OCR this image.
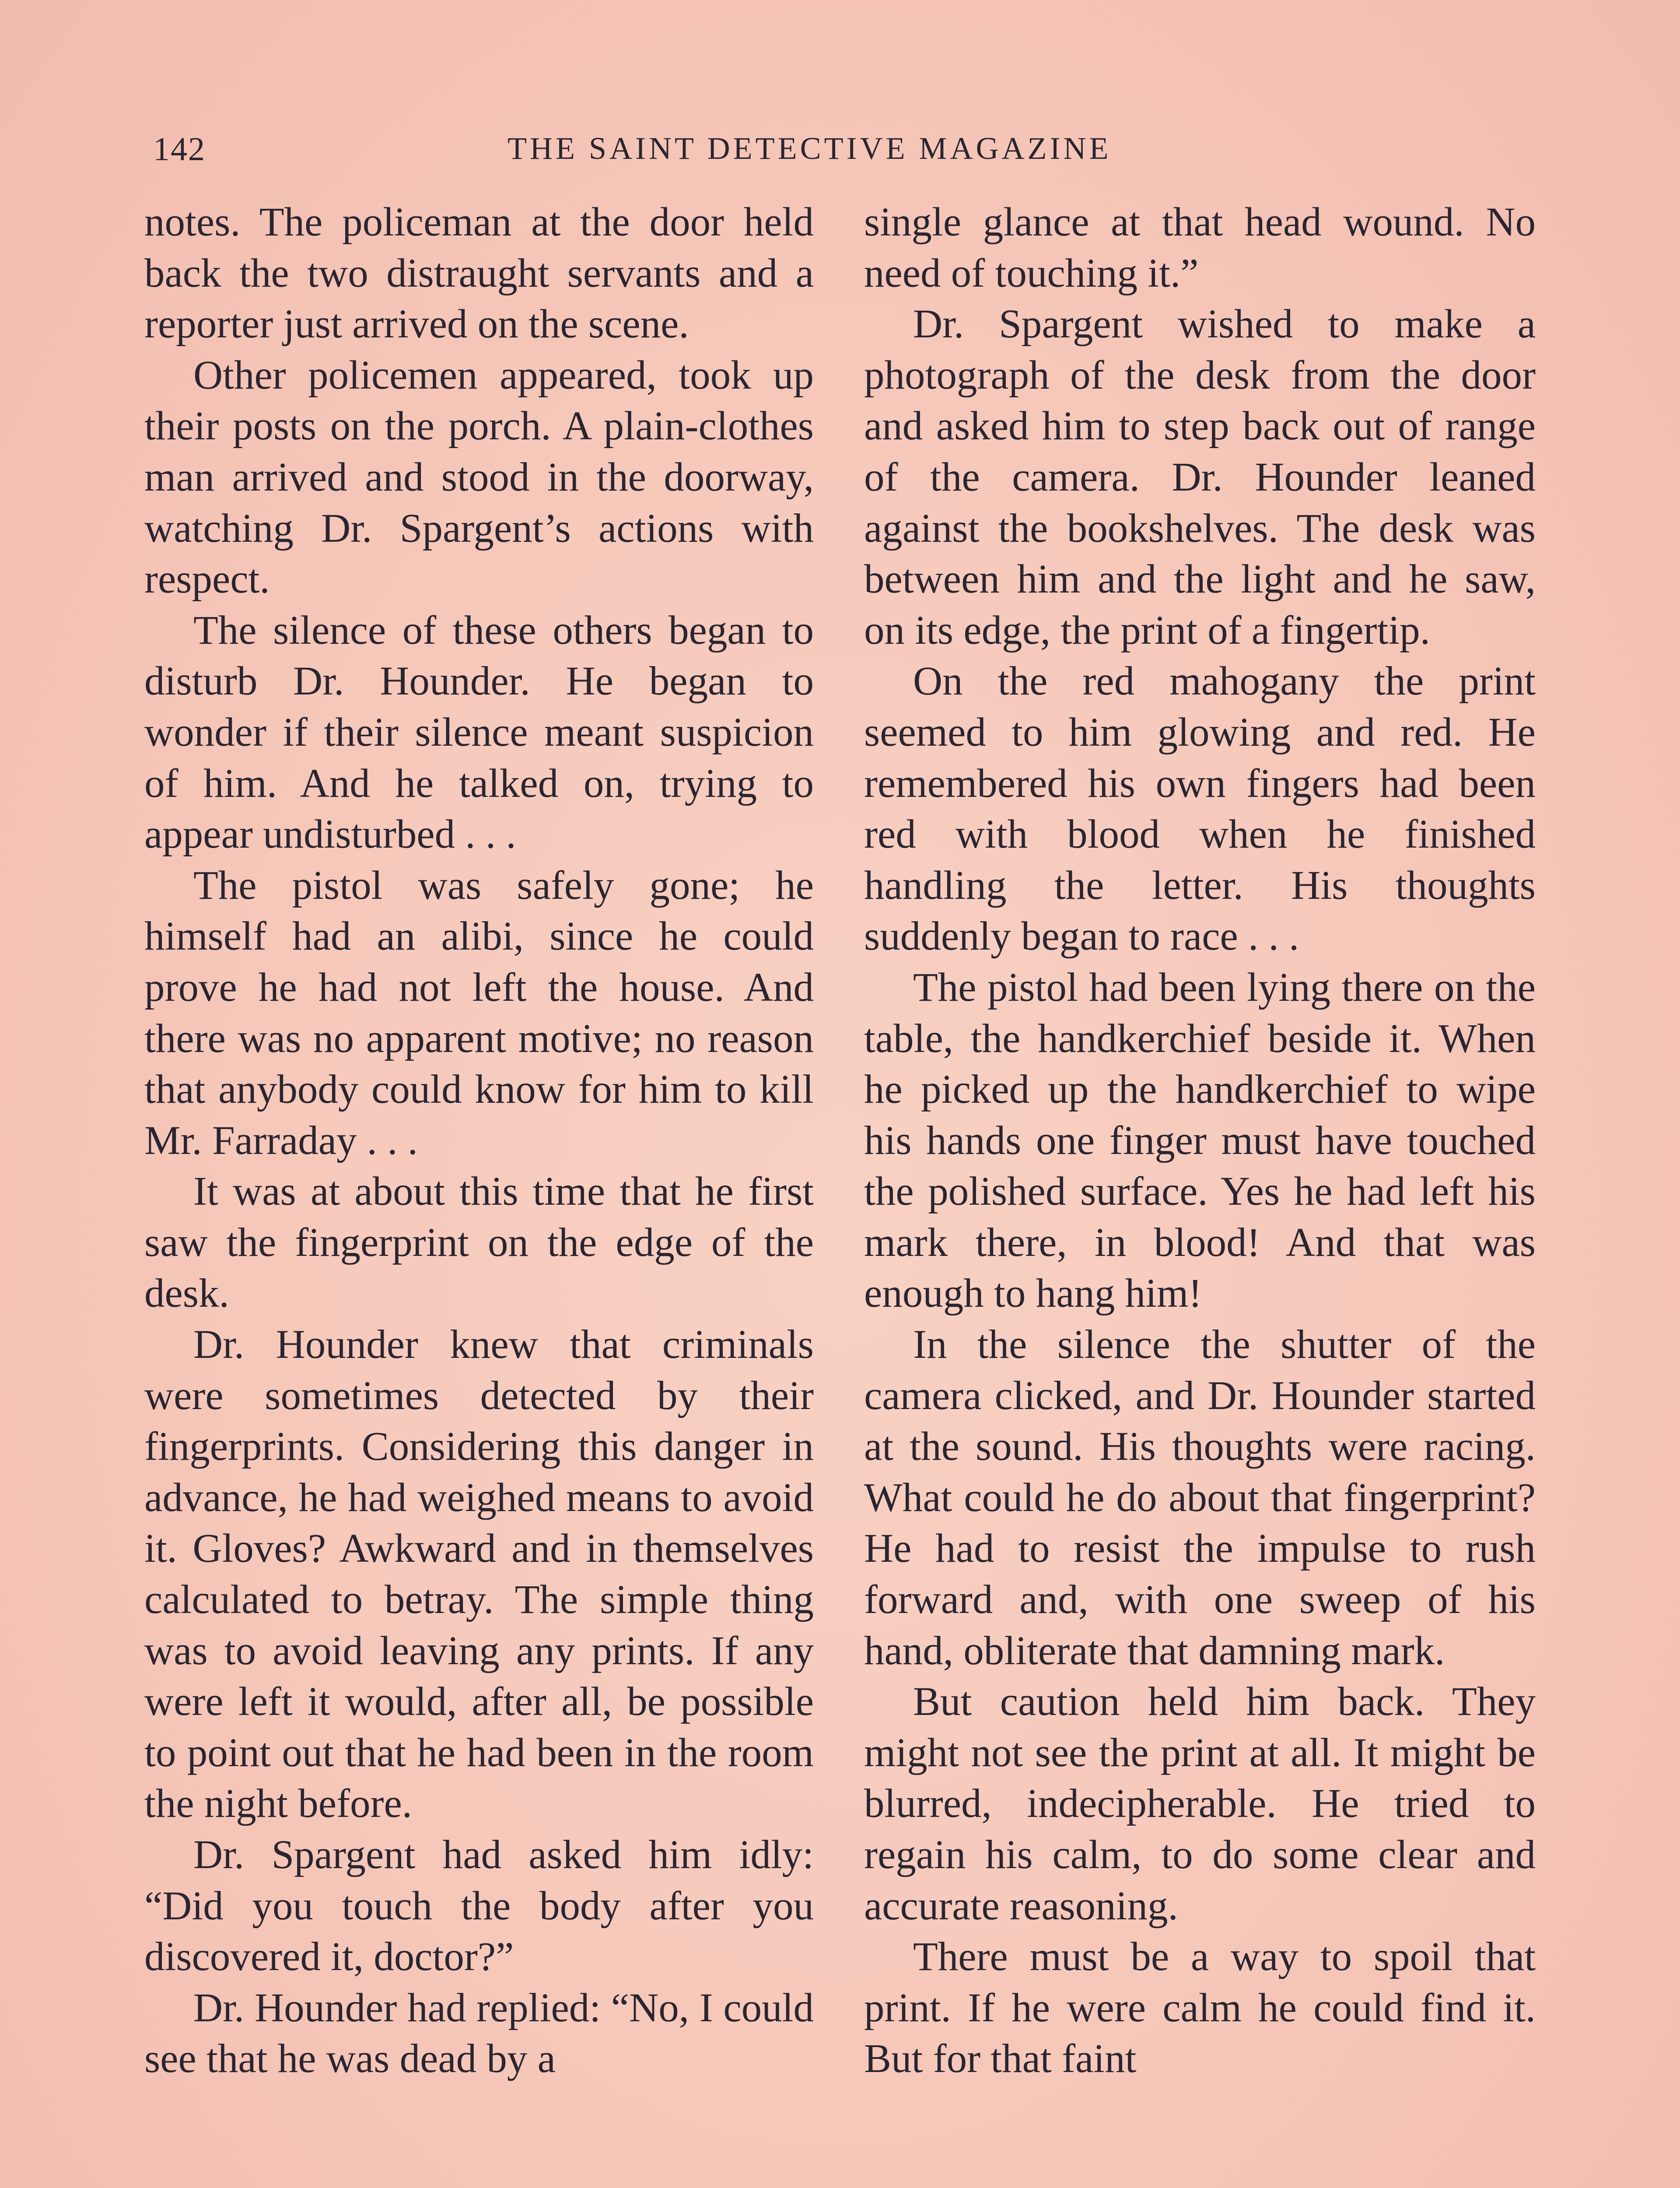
142	THE SAINT DETECTIVE MAGAZINE

notes. The policeman at the door held back the two distraught servants and a reporter just arrived on the scene.

Other policemen appeared, took up their posts on the porch. A plain-clothes man arrived and stood in the doorway, watching Dr. Spargent’s actions with respect.

The silence of these others began to disturb Dr. Hounder. He began to wonder if their silence meant suspicion of him. And he talked on, trying to appear undisturbed . . .

The pistol was safely gone; he himself had an alibi, since he could prove he had not left the house. And there was no apparent motive; no reason that anybody could know for him to kill Mr. Farraday . . .

It was at about this time that he first saw the fingerprint on the edge of the desk.

Dr. Hounder knew that criminals were sometimes detected by their fingerprints. Considering this danger in advance, he had weighed means to avoid it. Gloves? Awkward and in themselves calculated to betray. The simple thing was to avoid leaving any prints. If any were left it would, after all, be possible to point out that he had been in the room the night before.

Dr. Spargent had asked him idly: “Did you touch the body after you discovered it, doctor?”

Dr. Hounder had replied: “No, I could see that he was dead by a

single glance at that head wound. No need of touching it.”

Dr. Spargent wished to make a photograph of the desk from the door and asked him to step back out of range of the camera. Dr. Hounder leaned against the bookshelves. The desk was between him and the light and he saw, on its edge, the print of a fingertip.

On the red mahogany the print seemed to him glowing and red. He remembered his own fingers had been red with blood when he finished handling the letter. His thoughts suddenly began to race . . .

The pistol had been lying there on the table, the handkerchief beside it. When he picked up the handkerchief to wipe his hands one finger must have touched the polished surface. Yes he had left his mark there, in blood! And that was enough to hang him!

In the silence the shutter of the camera clicked, and Dr. Hounder started at the sound. His thoughts were racing. What could he do about that fingerprint? He had to resist the impulse to rush forward and, with one sweep of his hand, obliterate that damning mark.

But caution held him back. They might not see the print at all. It might be blurred, indecipherable. He tried to regain his calm, to do some clear and accurate reasoning.

There must be a way to spoil that print. If he were calm he could find it. But for that faint
